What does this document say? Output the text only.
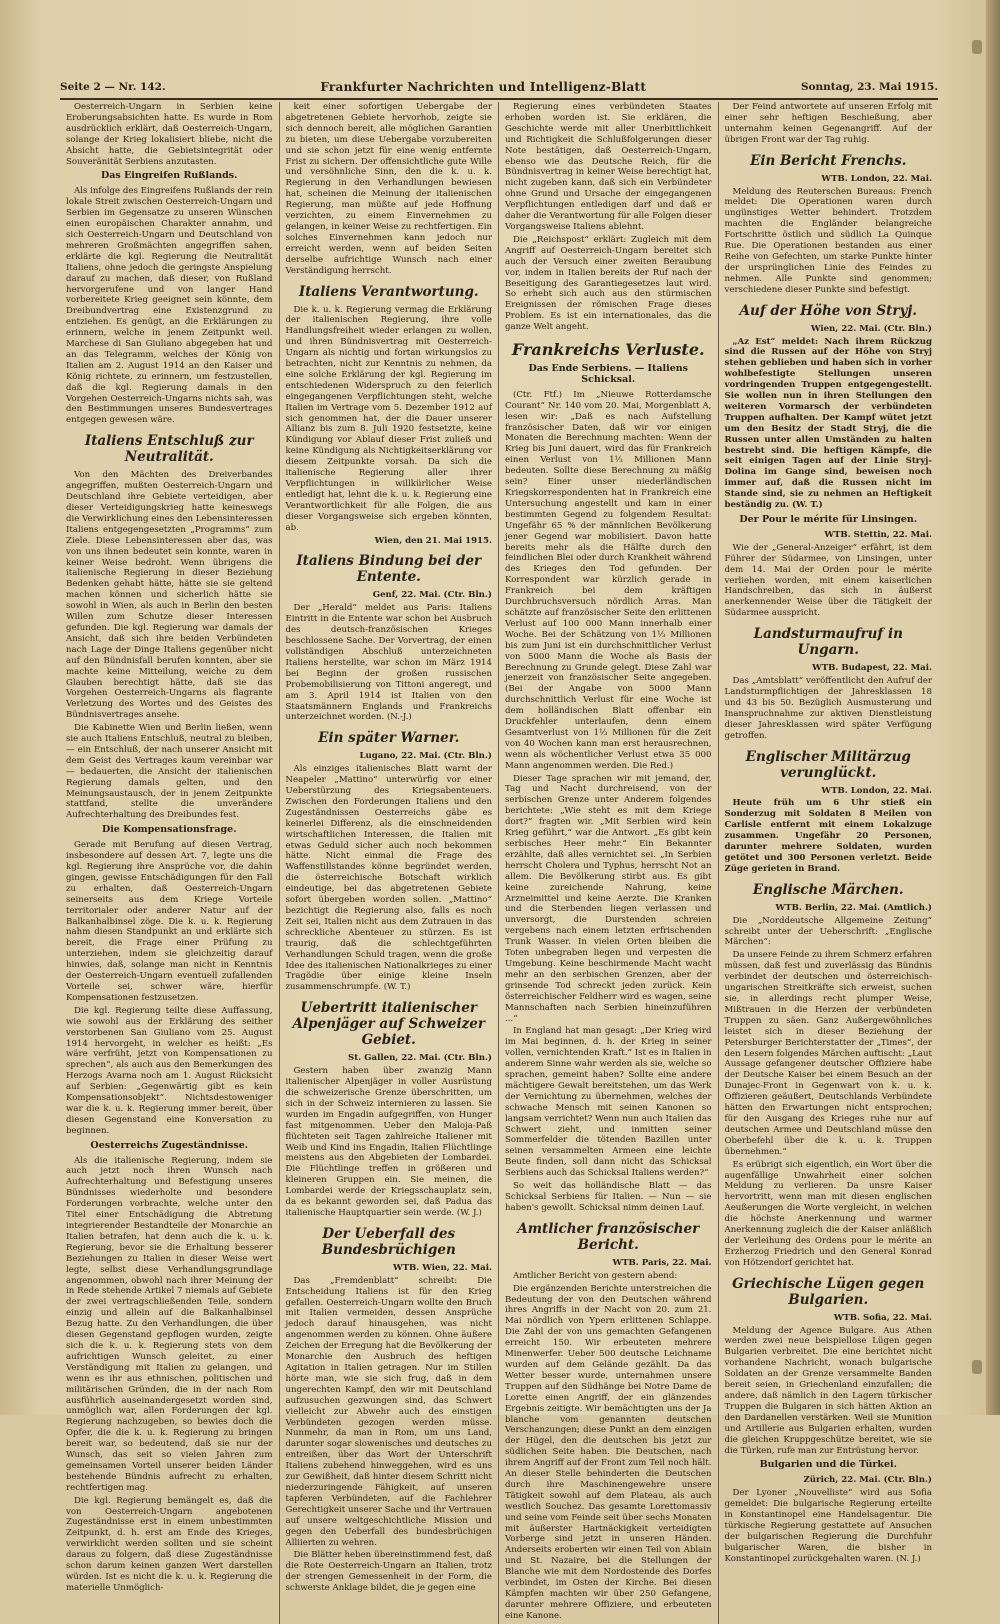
Seite 2 — Nr. 142.	Frankfurter Nachrichten und Intelligenz-Blatt	Sonntag, 23. Mai 1915.

Oesterreich-Ungarn in Serbien keine Eroberungsabsichten hatte. Es wurde in Rom ausdrücklich erklärt, daß Oesterreich-Ungarn, solange der Krieg lokalisiert bliebe, nicht die Absicht hatte, die Gebietsintegrität oder Souveränität Serbiens anzutasten.

Das Eingreifen Rußlands.

Als infolge des Eingreifens Rußlands der rein lokale Streit zwischen Oesterreich-Ungarn und Serbien im Gegensatze zu unseren Wünschen einen europäischen Charakter annahm, und sich Oesterreich-Ungarn und Deutschland von mehreren Großmächten angegriffen sahen, erklärte die kgl. Regierung die Neutralität Italiens, ohne jedoch die geringste Anspielung darauf zu machen, daß dieser, von Rußland hervorgerufene und von langer Hand vorbereitete Krieg geeignet sein könnte, dem Dreibundvertrag eine Existenzgrund zu entziehen. Es genügt, an die Erklärungen zu erinnern, welche in jenem Zeitpunkt weil. Marchese di San Giuliano abgegeben hat und an das Telegramm, welches der König von Italien am 2. August 1914 an den Kaiser und König richtete, zu erinnern, um festzustellen, daß die kgl. Regierung damals in den Vorgehen Oesterreich-Ungarns nichts sah, was den Bestimmungen unseres Bundesvertrages entgegen gewesen wäre.

Italiens Entschluß zur Neutralität.

Von den Mächten des Dreiverbandes angegriffen, mußten Oesterreich-Ungarn und Deutschland ihre Gebiete verteidigen, aber dieser Verteidigungskrieg hatte keineswegs die Verwirklichung eines den Lebensinteressen Italiens entgegengesetzten „Programms“ zum Ziele. Diese Lebensinteressen aber das, was von uns ihnen bedeutet sein konnte, waren in keiner Weise bedroht. Wenn übrigens die italienische Regierung in dieser Beziehung Bedenken gehabt hätte, hätte sie sie geltend machen können und sicherlich hätte sie sowohl in Wien, als auch in Berlin den besten Willen zum Schutze dieser Interessen gefunden. Die kgl. Regierung war damals der Ansicht, daß sich ihre beiden Verbündeten nach Lage der Dinge Italiens gegenüber nicht auf den Bündnisfall berufen konnten, aber sie machte keine Mitteilung, weiche zu dem Glauben berechtigt hätte, daß sie das Vorgehen Oesterreich-Ungarns als flagrante Verletzung des Wortes und des Geistes des Bündnisvertrages ansehe.

Die Kabinette Wien und Berlin ließen, wenn sie auch Italiens Entschluß, neutral zu bleiben, — ein Entschluß, der nach unserer Ansicht mit dem Geist des Vertrages kaum vereinbar war — bedauerten, die Ansicht der italienischen Regierung damals gelten, und den Meinungsaustausch, der in jenem Zeitpunkte stattfand, stellte die unverändere Aufrechterhaltung des Dreibundes fest.

Die Kompensationsfrage.

Gerade mit Berufung auf diesen Vertrag, insbesondere auf dessen Art. 7, legte uns die kgl. Regierung ihre Ansprüche vor, die dahin gingen, gewisse Entschädigungen für den Fall zu erhalten, daß Oesterreich-Ungarn seinerseits aus dem Kriege Vorteile territorialer oder anderer Natur auf der Balkanhalbinsel zöge. Die k. u. k. Regierung nahm diesen Standpunkt an und erklärte sich bereit, die Frage einer Prüfung zu unterziehen, indem sie gleichzeitig darauf hinwies, daß, solange man nicht in Kenntnis der Oesterreich-Ungarn eventuell zufallenden Vorteile sei, schwer wäre, hierfür Kompensationen festzusetzen.

Die kgl. Regierung teilte diese Auffassung, wie sowohl aus der Erklärung des seither verstorbenen San Giuliano vom 25. August 1914 hervorgeht, in welcher es heißt: „Es wäre verfrüht, jetzt von Kompensationen zu sprechen“, als auch aus den Bemerkungen des Herzogs Avarna noch am 1. August Rücksicht auf Serbien: „Gegenwärtig gibt es kein Kompensationsobjekt“. Nichtsdestoweniger war die k. u. k. Regierung immer bereit, über diesen Gegenstand eine Konversation zu beginnen.

Oesterreichs Zugeständnisse.

Als die italienische Regierung, indem sie auch jetzt noch ihren Wunsch nach Aufrechterhaltung und Befestigung unseres Bündnisses wiederholte und besondere Forderungen vorbrachte, welche unter den Titel einer Entschädigung die Abtretung integrierender Bestandteile der Monarchie an Italien betrafen, hat denn auch die k. u. k. Regierung, bevor sie die Erhaltung besserer Beziehungen zu Italien in dieser Weise wert legte, selbst diese Verhandlungsgrundlage angenommen, obwohl nach ihrer Meinung der in Rede stehende Artikel 7 niemals auf Gebiete der zwei vertragschließenden Teile, sondern einzig und allein auf die Balkanhalbinsel Bezug hatte. Zu den Verhandlungen, die über diesen Gegenstand gepflogen wurden, zeigte sich die k. u. k. Regierung stets von dem aufrichtigen Wunsch geleitet, zu einer Verständigung mit Italien zu gelangen, und wenn es ihr aus ethnischen, politischen und militärischen Gründen, die in der nach Rom ausführlich auseinandergesetzt worden sind, unmöglich war, allen Forderungen der kgl. Regierung nachzugeben, so bewies doch die Opfer, die die k. u. k. Regierung zu bringen bereit war, so bedeutend, daß sie nur der Wunsch, das seit so vielen Jahren zum gemeinsamen Vorteil unserer beiden Länder bestehende Bündnis aufrecht zu erhalten, rechtfertigen mag.

Die kgl. Regierung bemängelt es, daß die von Oesterreich-Ungarn angebotenen Zugeständnisse erst in einem unbestimmten Zeitpunkt, d. h. erst am Ende des Krieges, verwirklicht werden sollten und sie scheint daraus zu folgern, daß diese Zugeständnisse schon darum keinen ganzen Wert darstellen würden. Ist es nicht die k. u. k. Regierung die materielle Unmöglich-

keit einer sofortigen Uebergabe der abgetretenen Gebiete hervorhob, zeigte sie sich dennoch bereit, alle möglichen Garantien zu bieten, um diese Uebergabe vorzubereiten und sie schon jetzt für eine wenig entfernte Frist zu sichern. Der offensichtliche gute Wille und versöhnliche Sinn, den die k. u. k. Regierung in den Verhandlungen bewiesen hat, scheinen die Meinung der italienischen Regierung, man müßte auf jede Hoffnung verzichten, zu einem Einvernehmen zu gelangen, in keiner Weise zu rechtfertigen. Ein solches Einvernehmen kann jedoch nur erreicht werden, wenn auf beiden Seiten derselbe aufrichtige Wunsch nach einer Verständigung herrscht.

Italiens Verantwortung.

Die k. u. k. Regierung vermag die Erklärung der italienischen Regierung, ihre volle Handlungsfreiheit wieder erlangen zu wollen, und ihren Bündnisvertrag mit Oesterreich-Ungarn als nichtig und fortan wirkungslos zu betrachten, nicht zur Kenntnis zu nehmen, da eine solche Erklärung der kgl. Regierung im entschiedenen Widerspruch zu den feierlich eingegangenen Verpflichtungen steht, welche Italien im Vertrage vom 5. Dezember 1912 auf sich genommen hat, der die Dauer unserer Allianz bis zum 8. Juli 1920 festsetzte, keine Kündigung vor Ablauf dieser Frist zuließ und keine Kündigung als Nichtigkeitserklärung vor diesem Zeitpunkte vorsah. Da sich die italienische Regierung aller ihrer Verpflichtungen in willkürlicher Weise entledigt hat, lehnt die k. u. k. Regierung eine Verantwortlichkeit für alle Folgen, die aus dieser Vorgangsweise sich ergeben könnten, ab.

Wien, den 21. Mai 1915.

Italiens Bindung bei der Entente.

Genf, 22. Mai. (Ctr. Bln.)

Der „Herald“ meldet aus Paris: Italiens Eintritt in die Entente war schon bei Ausbruch des deutsch-französischen Krieges beschlossene Sache. Der Vorvertrag, der einen vollständigen Abschluß unterzeichneten Italiens herstellte, war schon im März 1914 bei Beginn der großen russischen Probemobilisierung von Tittoni angeregt, und am 3. April 1914 ist Italien von den Staatsmännern Englands und Frankreichs unterzeichnet worden. (N.-J.)

Ein später Warner.

Lugano, 22. Mai. (Ctr. Bln.)

Als einziges italienisches Blatt warnt der Neapeler „Mattino“ unterwürfig vor einer Ueberstürzung des Kriegsabenteuers. Zwischen den Forderungen Italiens und den Zugeständnissen Oesterreichs gäbe es keinerlei Differenz, als die einschneidenden wirtschaftlichen Interessen, die Italien mit etwas Geduld sicher auch noch bekommen hätte. Nicht einmal die Frage des Waffenstillstandes könne begründet werden, die österreichische Botschaft wirklich eindeutige, bei das abgetretenen Gebiete sofort übergeben worden sollen. „Mattino“ bezichtigt die Regierung also, falls es noch Zeit sei, Italien nicht aus dem Zutrauen in das schreckliche Abenteuer zu stürzen. Es ist traurig, daß die schlechtgeführten Verhandlungen Schuld tragen, wenn die große Idee des italienischen Nationalkrieges zu einer Tragödie über einige kleine Inseln zusammenschrumpfe. (W. T.)

Uebertritt italienischer Alpenjäger auf Schweizer Gebiet.

St. Gallen, 22. Mai. (Ctr. Bln.)

Gestern haben über zwanzig Mann italienischer Alpenjäger in voller Ausrüstung die schweizerische Grenze überschritten, um sich in der Schweiz internieren zu lassen. Sie wurden im Engadin aufgegriffen, von Hunger fast mitgenommen. Ueber den Maloja-Paß flüchteten seit Tagen zahlreiche Italiener mit Weib und Kind ins Engadin, Italien Flüchtlinge meistens aus den Abgebieten der Lombardei. Die Flüchtlinge treffen in größeren und kleineren Gruppen ein. Sie meinen, die Lombardei werde der Kriegsschauplatz sein, da es bekannt geworden sei, daß Padua das italienische Hauptquartier sein werde. (W. J.)

Der Ueberfall des Bundesbrüchigen

WTB. Wien, 22. Mai.

Das „Fremdenblatt“ schreibt: Die Entscheidung Italiens ist für den Krieg gefallen. Oesterreich-Ungarn wollte den Bruch mit Italien vermeiden, dessen Ansprüche jedoch darauf hinausgehen, was nicht angenommen werden zu können. Ohne äußere Zeichen der Erregung hat die Bevölkerung der Monarchie den Ausbruch des heftigen Agitation in Italien getragen. Nur im Stillen hörte man, wie sie sich frug, daß in dem ungerechten Kampf, den wir mit Deutschland aufzusuchen gezwungen sind, das Schwert vielleicht zur Abwehr auch des einstigen Verbündeten gezogen werden müsse. Nunmehr, da man in Rom, um uns Land, darunter sogar slowenisches und deutsches zu entreißen, über das Wort der Unterschrift Italiens zubehend hinweggehen, wird es uns zur Gewißheit, daß hinter diesem Schritt nicht niederzuringende Fähigkeit, auf unseren tapferen Verbündeten, auf die Fachlehrer Gerechtigkeit unserer Sache und ihr Vertrauen auf unsere weltgeschichtliche Mission und gegen den Ueberfall des bundesbrüchigen Alliierten zu wehren.

Die Blätter heben übereinstimmend fest, daß die Rote Oesterreich-Ungarn an Italien, trotz der strengen Gemessenheit in der Form, die schwerste Anklage bildet, die je gegen eine

Regierung eines verbündeten Staates erhoben worden ist. Sie erklären, die Geschichte werde mit aller Unerbittlichkeit und Richtigkeit die Schlußfolgerungen dieser Note bestätigen, daß Oesterreich-Ungarn, ebenso wie das Deutsche Reich, für die Bündnisvertrag in keiner Weise berechtigt hat, nicht zugeben kann, daß sich ein Verbündeter ohne Grund und Ursache der eingegangenen Verpflichtungen entledigen darf und daß er daher die Verantwortung für alle Folgen dieser Vorgangsweise Italiens ablehnt.

Die „Reichspost“ erklärt: Zugleich mit dem Angriff auf Oesterreich-Ungarn bereitet sich auch der Versuch einer zweiten Beraubung vor, indem in Italien bereits der Ruf nach der Beseitigung des Garantiegesetzes laut wird. So erhebt sich auch aus den stürmischen Ereignissen der römischen Frage dieses Problem. Es ist ein internationales, das die ganze Welt angeht.

Frankreichs Verluste.
Das Ende Serbiens. — Italiens Schicksal.

(Ctr. Ftf.) Im „Nieuwe Rotterdamsche Courant“ Nr. 140 vom 20. Mai, Morgenblatt A, lesen wir: „Daß es nach Aufstellung französischer Daten, daß wir vor einigen Monaten die Berechnung machten: Wenn der Krieg bis Juni dauert, wird das für Frankreich einen Verlust von 1⅓ Millionen Mann bedeuten. Sollte diese Berechnung zu mäßig sein? Einer unser niederländischen Kriegskorrespondenten hat in Frankreich eine Untersuchung angestellt und kam in einer bestimmten Gegend zu folgendem Resultat: Ungefähr 65 % der männlichen Bevölkerung jener Gegend war mobilisiert. Davon hatte bereits mehr als die Hälfte durch den feindlichen Blei oder durch Krankheit während des Krieges den Tod gefunden. Der Korrespondent war kürzlich gerade in Frankreich bei dem kräftigen Durchbruchsversuch nördlich Arras. Man schätzte auf französischer Seite den erlittenen Verlust auf 100 000 Mann innerhalb einer Woche. Bei der Schätzung von 1⅓ Millionen bis zum Juni ist ein durchschnittlicher Verlust von 5000 Mann die Woche als Basis der Berechnung zu Grunde gelegt. Diese Zahl war jenerzeit von französischer Seite angegeben. (Bei der Angabe von 5000 Mann durchschnittlich Verlust für eine Woche ist dem holländischen Blatt offenbar ein Druckfehler unterlaufen, denn einem Gesamtverlust von 1⅓ Millionen für die Zeit von 40 Wochen kann man erst herausrechnen, wenn als wöchentlicher Verlust etwa 35 000 Mann angenommen werden. Die Red.)

Dieser Tage sprachen wir mit jemand, der, Tag und Nacht durchreisend, von der serbischen Grenze unter Anderem folgendes berichtete: „Wie steht es mit dem Kriege dort?“ fragten wir. „Mit Serbien wird kein Krieg geführt,“ war die Antwort. „Es gibt kein serbisches Heer mehr.“ Ein Bekannter erzählte, daß alles vernichtet sei. „In Serbien herrscht Cholera und Typhus, herrscht Not an allem. Die Bevölkerung stirbt aus. Es gibt keine zureichende Nahrung, keine Arzneimittel und keine Aerzte. Die Kranken und die Sterbenden liegen verlassen und unversorgt, die Durstenden schreien vergebens nach einem letzten erfrischenden Trunk Wasser. In vielen Orten bleiben die Toten unbegraben liegen und verpesten die Umgebung. Keine beschirmende Macht wacht mehr an den serbischen Grenzen, aber der grinsende Tod schreckt jeden zurück. Kein österreichischer Feldherr wird es wagen, seine Mannschaften nach Serbien hineinzuführen ...“

In England hat man gesagt: „Der Krieg wird im Mai beginnen, d. h. der Krieg in seiner vollen, vernichtenden Kraft.“ Ist es in Italien in anderem Sinne wahr werden als sie, welche so sprachen, gemeint haben? Sollte eine andere mächtigere Gewalt bereitstehen, um das Werk der Vernichtung zu übernehmen, welches der schwache Mensch mit seinen Kanonen so langsam verrichtet? Wenn nun auch Italien das Schwert zieht, und inmitten seiner Sommerfelder die tötenden Bazillen unter seinen versammelten Armeen eine leichte Beute finden, soll dann nicht das Schicksal Serbiens auch das Schicksal Italiens werden?“

So weit das holländische Blatt — das Schicksal Serbiens für Italien. — Nun — sie haben's gewollt. Schicksal nimm deinen Lauf.

Amtlicher französischer Bericht.

WTB. Paris, 22. Mai.

Amtlicher Bericht von gestern abend:

Die ergänzenden Berichte unterstreichen die Bedeutung der von den Deutschen während ihres Angriffs in der Nacht von 20. zum 21. Mai nördlich von Ypern erlittenen Schlappe. Die Zahl der von uns gemachten Gefangenen erreicht 150. Wir erbeuteten mehrere Minenwerfer. Ueber 500 deutsche Leichname wurden auf dem Gelände gezählt. Da das Wetter besser wurde, unternahmen unsere Truppen auf den Südhänge bei Notre Dame de Lorette einen Angriff, der ein glänzendes Ergebnis zeitigte. Wir bemächtigten uns der Ja blanche vom genannten deutschen Verschanzungen; diese Punkt an dem einzigen der Hügel, den die deutschen bis jetzt zur südlichen Seite haben. Die Deutschen, nach ihrem Angriff auf der Front zum Teil noch hält. An dieser Stelle behinderten die Deutschen durch ihre Maschinengewehre unsere Tätigkeit sowohl auf dem Plateau, als auch westlich Souchez. Das gesamte Lorettomassiv und seine vom Feinde seit über sechs Monaten mit äußerster Hartnäckigkeit verteidigten Vorberge sind jetzt in unseren Händen. Anderseits eroberten wir einen Teil von Ablain und St. Nazaire, bei die Stellungen der Blanche wie mit dem Nordostende des Dorfes verbindet, im Osten der Kirche. Bei diesen Kämpfen machten wir über 250 Gefangene, darunter mehrere Offiziere, und erbeuteten eine Kanone.

Der Feind antwortete auf unseren Erfolg mit einer sehr heftigen Beschießung, aber unternahm keinen Gegenangriff. Auf der übrigen Front war der Tag ruhig.

Ein Bericht Frenchs.

WTB. London, 22. Mai.

Meldung des Reuterschen Bureaus: French meldet: Die Operationen waren durch ungünstiges Wetter behindert. Trotzdem machten die Engländer belangreiche Fortschritte östlich und südlich La Quinque Rue. Die Operationen bestanden aus einer Reihe von Gefechten, um starke Punkte hinter der ursprünglichen Linie des Feindes zu nehmen. Alle Punkte sind genommen; verschiedene dieser Punkte sind befestigt.

Auf der Höhe von Stryj.

Wien, 22. Mai. (Ctr. Bln.)

„Az Est“ meldet: Nach ihrem Rückzug sind die Russen auf der Höhe von Stryj stehen geblieben und haben sich in vorher wohlbefestigte Stellungen unseren vordringenden Truppen entgegengestellt. Sie wollen nun in ihren Stellungen den weiteren Vormarsch der verbündeten Truppen aufhalten. Der Kampf wütet jetzt um den Besitz der Stadt Stryj, die die Russen unter allen Umständen zu halten bestrebt sind. Die heftigen Kämpfe, die seit einigen Tagen auf der Linie Stryj-Dolina im Gange sind, beweisen noch immer auf, daß die Russen nicht im Stande sind, sie zu nehmen an Heftigkeit beständig zu. (W. T.)

Der Pour le mérite für Linsingen.

WTB. Stettin, 22. Mai.

Wie der „General-Anzeiger“ erfährt, ist dem Führer der Südarmee, von Linsingen, unter dem 14. Mai der Orden pour le mérite verliehen worden, mit einem kaiserlichen Handschreiben, das sich in äußerst anerkennender Weise über die Tätigkeit der Südarmee ausspricht.

Landsturmaufruf in Ungarn.

WTB. Budapest, 22. Mai.

Das „Amtsblatt“ veröffentlicht den Aufruf der Landsturmpflichtigen der Jahresklassen 18 und 43 bis 50. Bezüglich Ausmusterung und Inanspruchnahme zur aktiven Dienstleistung dieser Jahresklassen wird später Verfügung getroffen.

Englischer Militärzug verunglückt.

WTB. London, 22. Mai.

Heute früh um 6 Uhr stieß ein Sonderzug mit Soldaten 8 Meilen von Carlisle entfernt mit einem Lokalzuge zusammen. Ungefähr 20 Personen, darunter mehrere Soldaten, wurden getötet und 300 Personen verletzt. Beide Züge gerieten in Brand.

Englische Märchen.

WTB. Berlin, 22. Mai. (Amtlich.)

Die „Norddeutsche Allgemeine Zeitung“ schreibt unter der Ueberschrift: „Englische Märchen“:

Da unsere Feinde zu ihrem Schmerz erfahren müssen, daß fest und zuverlässig das Bündnis verbindet der deutschen und österreichisch-ungarischen Streitkräfte sich erweist, suchen sie, in allerdings recht plumper Weise, Mißtrauen in die Herzen der verbündeten Truppen zu säen. Ganz Außergewöhnliches leistet sich in dieser Beziehung der Petersburger Berichterstatter der „Times“, der den Lesern folgendes Märchen auftischt: „Laut Aussage gefangener deutscher Offiziere habe der Deutsche Kaiser bei einem Besuch an der Dunajec-Front in Gegenwart von k. u. k. Offizieren geäußert, Deutschlands Verbündete hätten den Erwartungen nicht entsprochen; für den Ausgang des Krieges ruhe nur auf deutschen Armee und Deutschland müsse den Oberbefehl über die k. u. k. Truppen übernehmen.“

Es erübrigt sich eigentlich, ein Wort über die augenfällige Unwahrheit einer solchen Meldung zu verlieren. Da unsre Kaiser hervortritt, wenn man mit diesen englischen Aeußerungen die Worte vergleicht, in welchen die höchste Anerkennung und warmer Anerkennung zugleich die der Kaiser anläßlich der Verleihung des Ordens pour le mérite an Erzherzog Friedrich und den General Konrad von Hötzendorf gerichtet hat.

Griechische Lügen gegen Bulgarien.

WTB. Sofia, 22. Mai.

Meldung der Agence Bulgare. Aus Athen werden zwei neue beispiellose Lügen gegen Bulgarien verbreitet. Die eine berichtet nicht vorhandene Nachricht, wonach bulgarische Soldaten an der Grenze versammelte Banden bereit seien, in Griechenland einzufallen; die andere, daß nämlich in den Lagern türkischer Truppen die Bulgaren in sich hätten Aktion an den Dardanellen verstärken. Weil sie Munition und Artillerie aus Bulgarien erhalten, wurden die gleichen Kruppgeschütze bereitet, wie sie die Türken, rufe man zur Entrüstung hervor.

Bulgarien und die Türkei.

Zürich, 22. Mai. (Ctr. Bln.)

Der Lyoner „Nouvelliste“ wird aus Sofia gemeldet: Die bulgarische Regierung erteilte in Konstantinopel eine Handelsagentur. Die türkische Regierung gestattete auf Ansuchen der bulgarischen Regierung die Durchfuhr bulgarischer Waren, die bisher in Konstantinopel zurückgehalten waren. (N. J.)
